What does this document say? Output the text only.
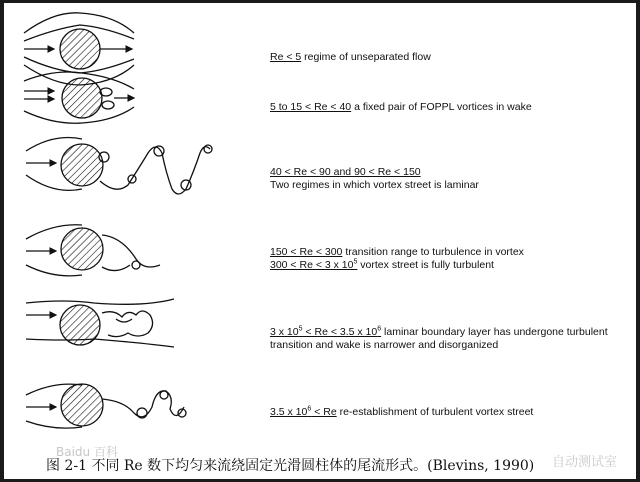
Re < 5 regime of unseparated flow
5 to 15 < Re < 40 a fixed pair of FOPPL vortices in wake
40 < Re < 90 and 90 < Re < 150
Two regimes in which vortex street is laminar
150 < Re < 300 transition range to turbulence in vortex
300 < Re < 3 x $10^5$ vortex street is fully turbulent
3 x $10^5 < Re < 3.5$ x $10^6$ laminar boundary layer has undergone turbulent
transition and wake is narrower and disorganized
3.5 x $10^6 < Re$ re-establishment of turbulent vortex street
Baidu 百科
图 2-1 不同 Re 数下均匀来流绕固定光滑圆柱体的尾流形式。(Blevins, 1990) 自动测试室
